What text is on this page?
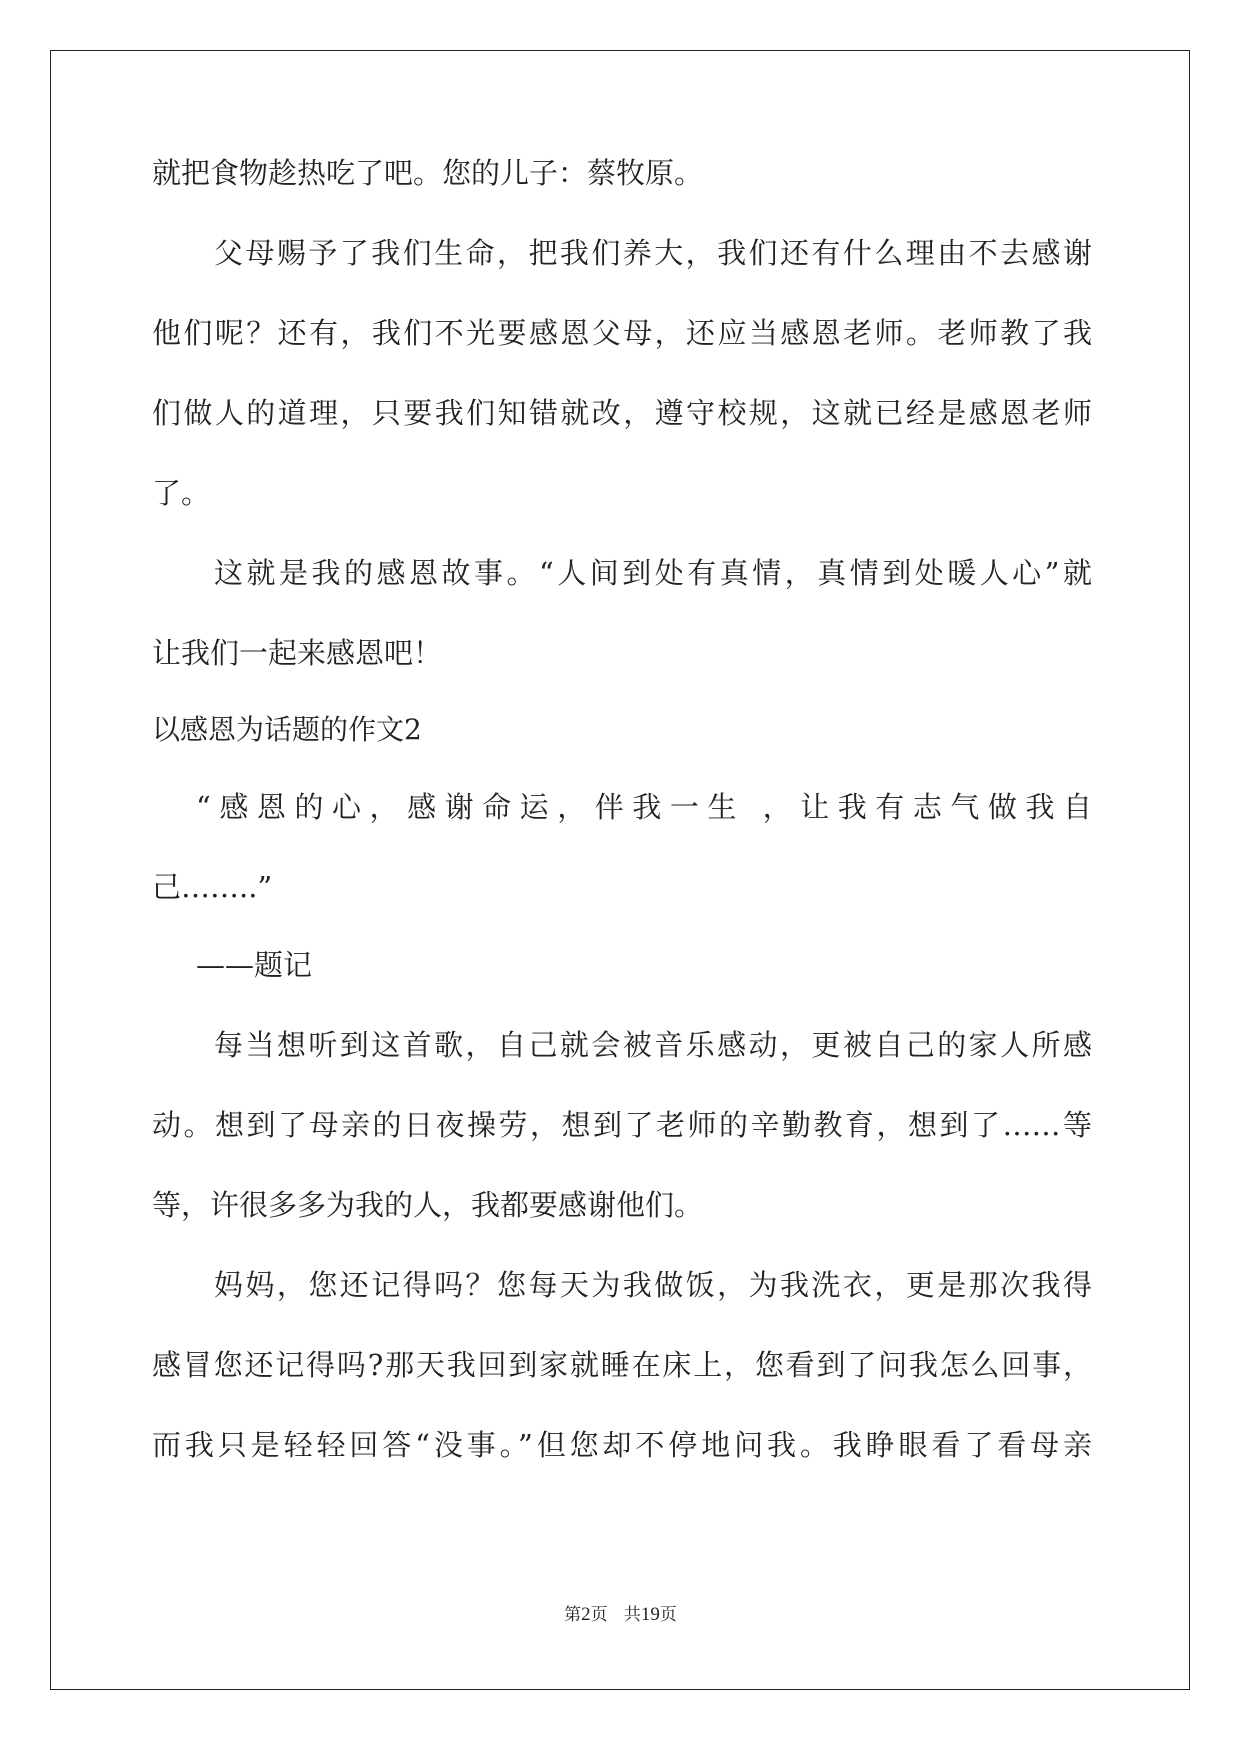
就把食物趁热吃了吧。您的儿子：蔡牧原。
父母赐予了我们生命，把我们养大，我们还有什么理由不去感谢
他们呢？还有，我们不光要感恩父母，还应当感恩老师。老师教了我
们做人的道理，只要我们知错就改，遵守校规，这就已经是感恩老师
了。
这就是我的感恩故事。“人间到处有真情，真情到处暖人心”就
让我们一起来感恩吧！
以感恩为话题的作文2
“感恩的心，感谢命运，伴我一生 ，让我有志气做我自
己……..”
——题记
每当想听到这首歌，自己就会被音乐感动，更被自己的家人所感
动。想到了母亲的日夜操劳，想到了老师的辛勤教育，想到了……等
等，许很多多为我的人，我都要感谢他们。
妈妈，您还记得吗？您每天为我做饭，为我洗衣，更是那次我得
感冒您还记得吗?那天我回到家就睡在床上，您看到了问我怎么回事，
而我只是轻轻回答“没事。”但您却不停地问我。我睁眼看了看母亲
第2页   共19页
